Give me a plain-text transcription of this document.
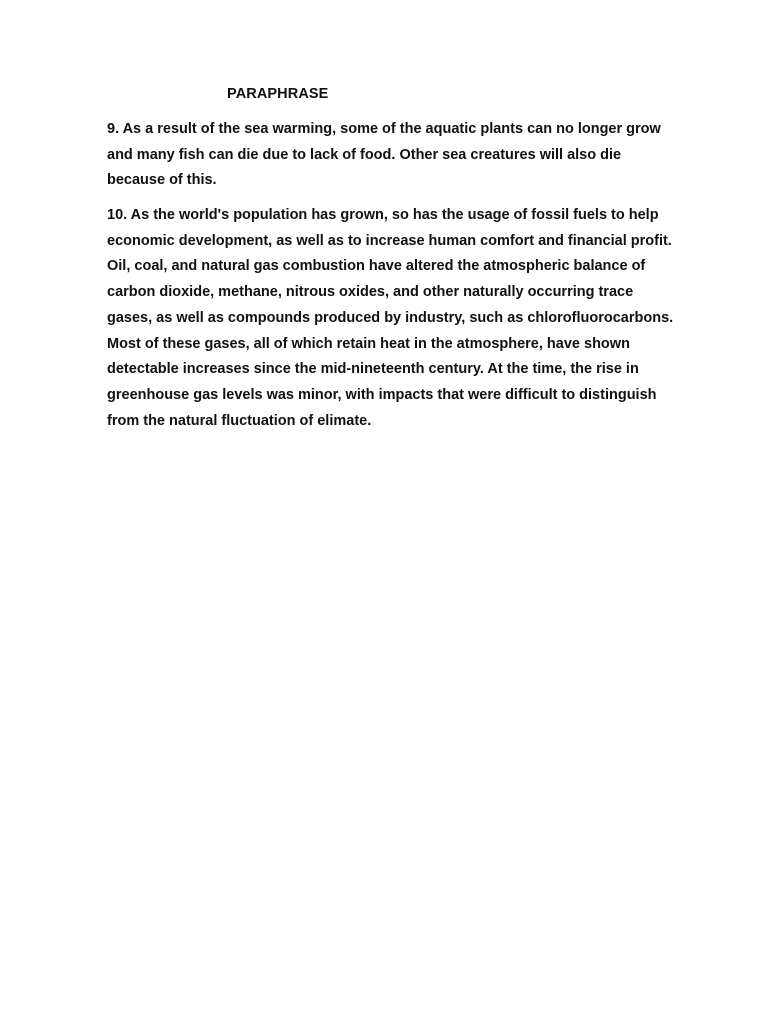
PARAPHRASE

9. As a result of the sea warming, some of the aquatic plants can no longer grow
and many fish can die due to lack of food. Other sea creatures will also die
because of this.

10. As the world's population has grown, so has the usage of fossil fuels to help
economic development, as well as to increase human comfort and financial profit.
Oil, coal, and natural gas combustion have altered the atmospheric balance of
carbon dioxide, methane, nitrous oxides, and other naturally occurring trace
gases, as well as compounds produced by industry, such as chlorofluorocarbons.
Most of these gases, all of which retain heat in the atmosphere, have shown
detectable increases since the mid-nineteenth century. At the time, the rise in
greenhouse gas levels was minor, with impacts that were difficult to distinguish
from the natural fluctuation of elimate.
